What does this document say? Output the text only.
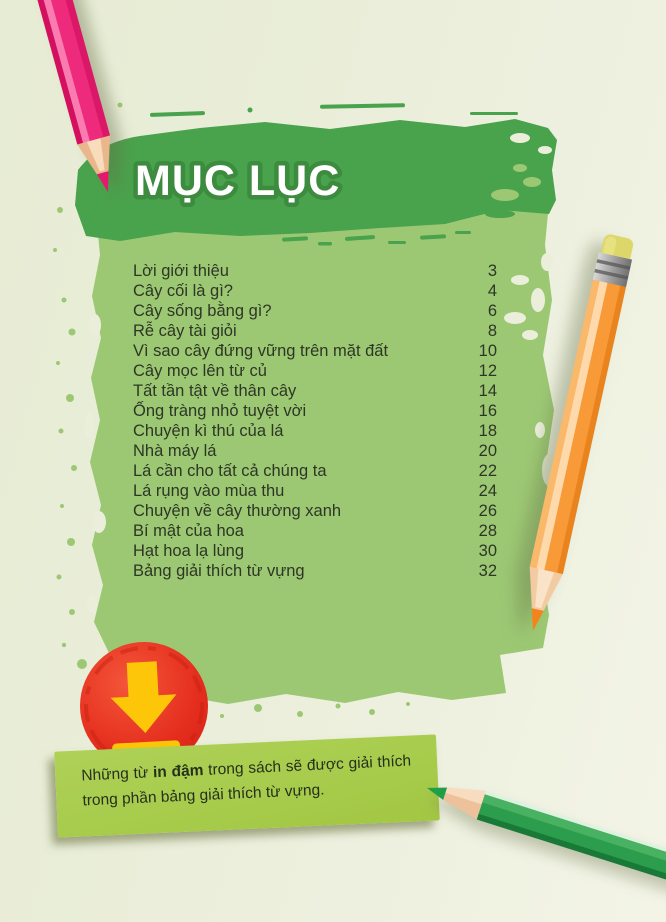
MỤC LỤC
Lời giới thiệu	3
Cây cối là gì?	4
Cây sống bằng gì?	6
Rễ cây tài giỏi	8
Vì sao cây đứng vững trên mặt đất	10
Cây mọc lên từ củ	12
Tất tần tật về thân cây	14
Ống tràng nhỏ tuyệt vời	16
Chuyện kì thú của lá	18
Nhà máy lá	20
Lá cần cho tất cả chúng ta	22
Lá rụng vào mùa thu	24
Chuyện về cây thường xanh	26
Bí mật của hoa	28
Hạt hoa lạ lùng	30
Bảng giải thích từ vựng	32

Những từ in đậm trong sách sẽ được giải thích trong phần bảng giải thích từ vựng.
